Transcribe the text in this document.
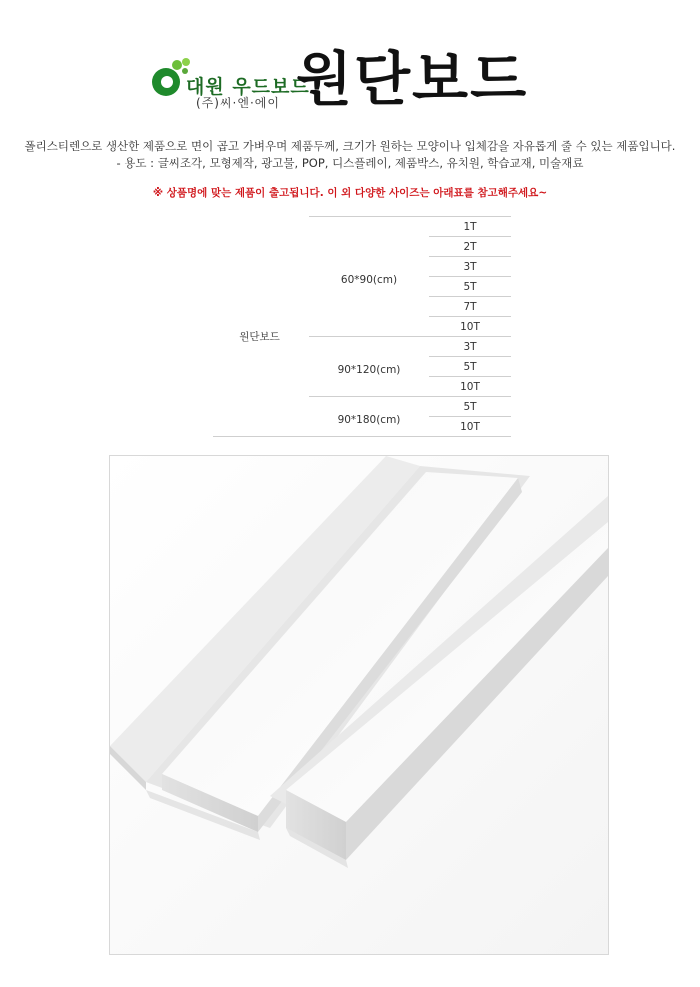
대원 우드보드
(주)씨·엔·에이 원단보드
폴리스티렌으로 생산한 제품으로 면이 곱고 가벼우며 제품두께, 크기가 원하는 모양이나 입체감을 자유롭게 줄 수 있는 제품입니다.
- 용도 : 글씨조각, 모형제작, 광고물, POP, 디스플레이, 제품박스, 유치원, 학습교재, 미술재료
※ 상품명에 맞는 제품이 출고됩니다. 이 외 다양한 사이즈는 아래표를 참고해주세요~
원단보드
1T
2T
3T
5T
7T
10T
60*90(cm)
3T
5T
10T
90*120(cm)
5T
10T
90*180(cm)
